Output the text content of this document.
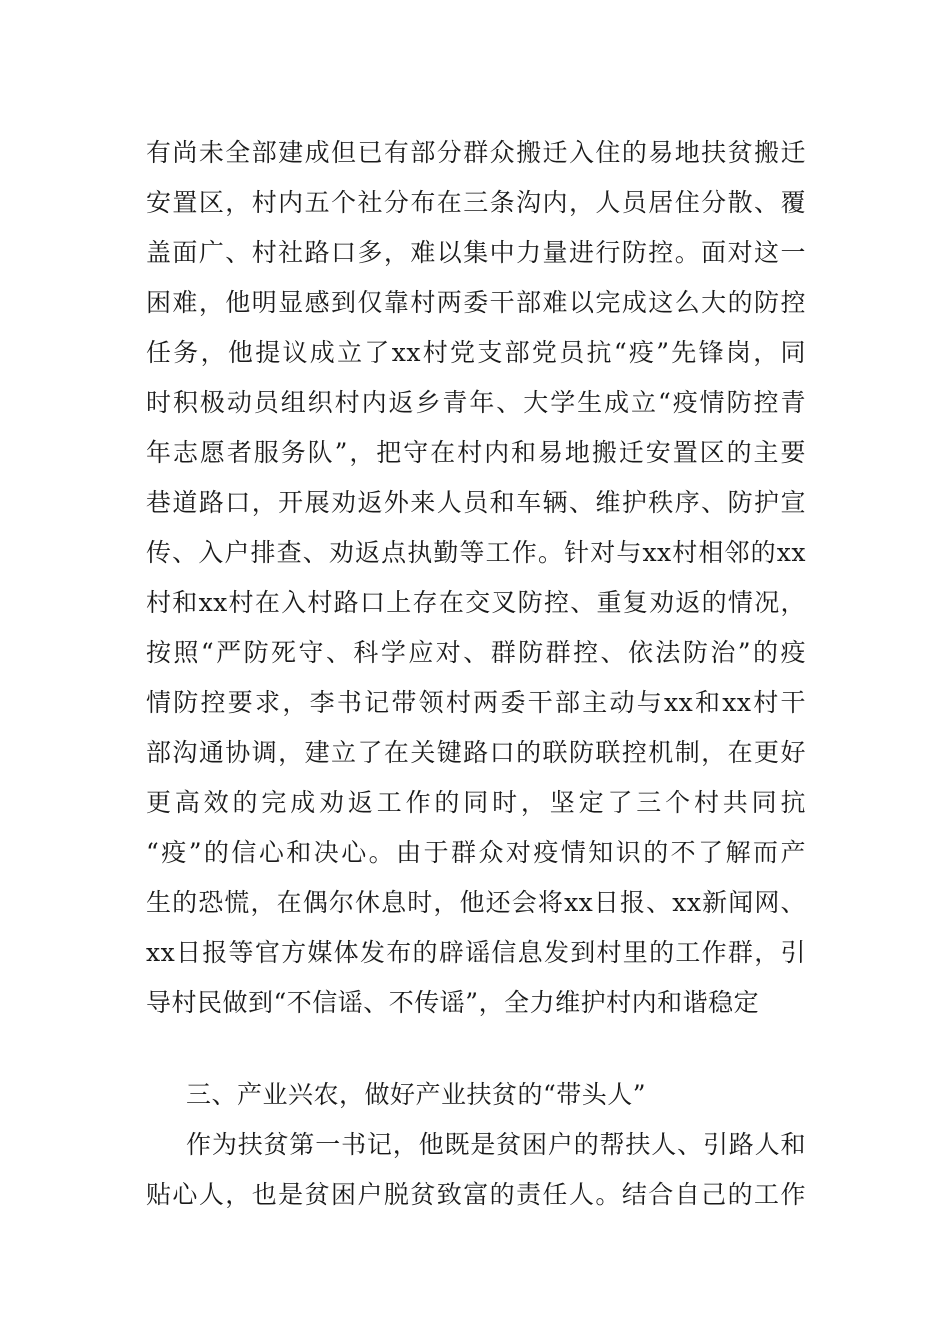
有尚未全部建成但已有部分群众搬迁入住的易地扶贫搬迁
安置区，村内五个社分布在三条沟内，人员居住分散、覆
盖面广、村社路口多，难以集中力量进行防控。面对这一
困难，他明显感到仅靠村两委干部难以完成这么大的防控
任务，他提议成立了xx村党支部党员抗“疫”先锋岗，同
时积极动员组织村内返乡青年、大学生成立“疫情防控青
年志愿者服务队”，把守在村内和易地搬迁安置区的主要
巷道路口，开展劝返外来人员和车辆、维护秩序、防护宣
传、入户排查、劝返点执勤等工作。针对与xx村相邻的xx
村和xx村在入村路口上存在交叉防控、重复劝返的情况，
按照“严防死守、科学应对、群防群控、依法防治”的疫
情防控要求，李书记带领村两委干部主动与xx和xx村干
部沟通协调，建立了在关键路口的联防联控机制，在更好
更高效的完成劝返工作的同时，坚定了三个村共同抗
“疫”的信心和决心。由于群众对疫情知识的不了解而产
生的恐慌，在偶尔休息时，他还会将xx日报、xx新闻网、
xx日报等官方媒体发布的辟谣信息发到村里的工作群，引
导村民做到“不信谣、不传谣”，全力维护村内和谐稳定
三、产业兴农，做好产业扶贫的“带头人”
作为扶贫第一书记，他既是贫困户的帮扶人、引路人和
贴心人，也是贫困户脱贫致富的责任人。结合自己的工作
